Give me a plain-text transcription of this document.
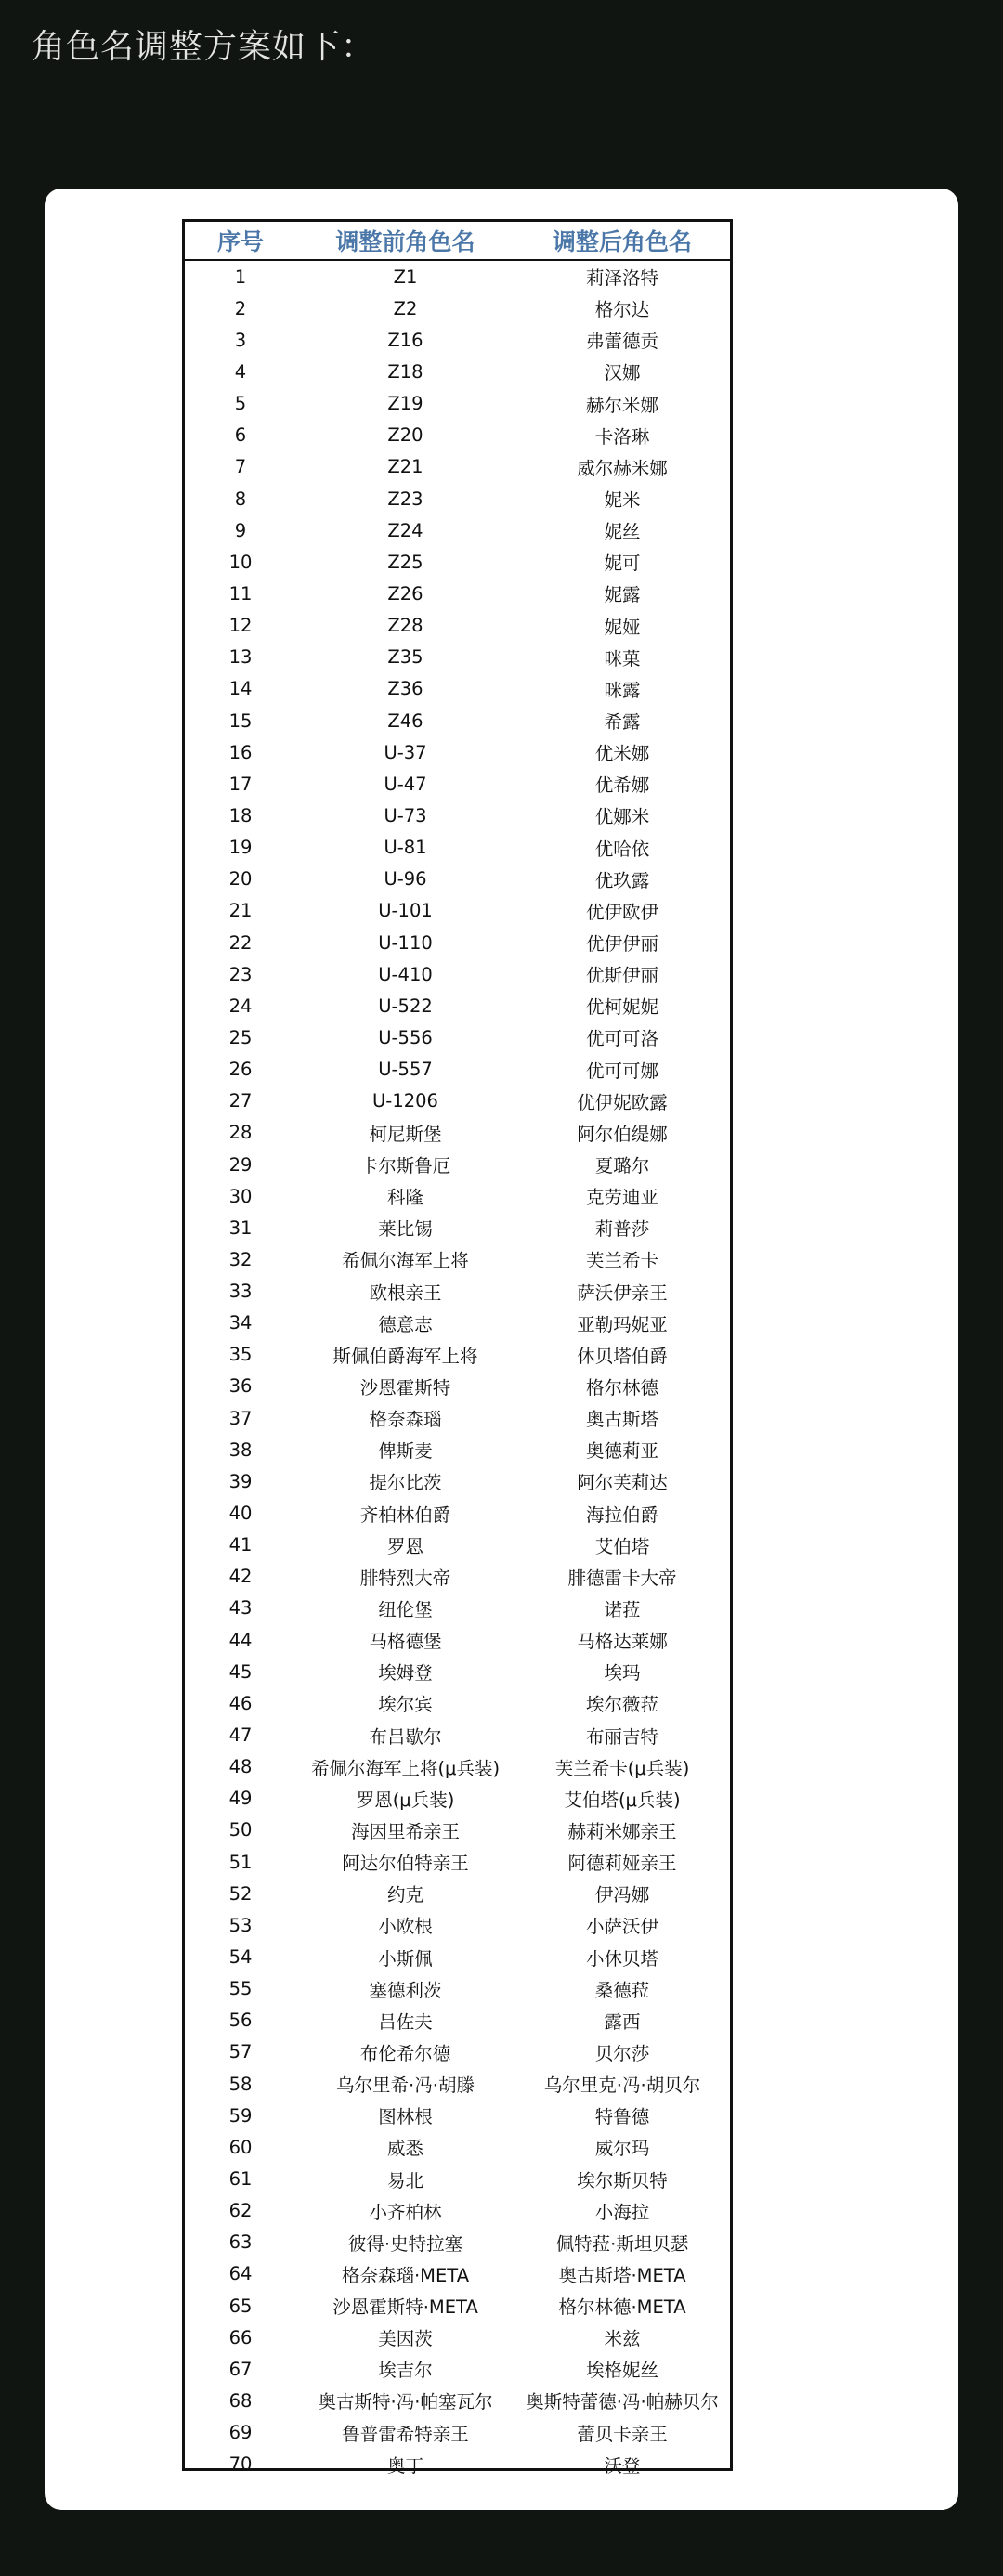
角色名调整方案如下：
序号	调整前角色名	调整后角色名
1	Z1	莉泽洛特
2	Z2	格尔达
3	Z16	弗蕾德贡
4	Z18	汉娜
5	Z19	赫尔米娜
6	Z20	卡洛琳
7	Z21	威尔赫米娜
8	Z23	妮米
9	Z24	妮丝
10	Z25	妮可
11	Z26	妮露
12	Z28	妮娅
13	Z35	咪菓
14	Z36	咪露
15	Z46	希露
16	U-37	优米娜
17	U-47	优希娜
18	U-73	优娜米
19	U-81	优哈依
20	U-96	优玖露
21	U-101	优伊欧伊
22	U-110	优伊伊丽
23	U-410	优斯伊丽
24	U-522	优柯妮妮
25	U-556	优可可洛
26	U-557	优可可娜
27	U-1206	优伊妮欧露
28	柯尼斯堡	阿尔伯缇娜
29	卡尔斯鲁厄	夏璐尔
30	科隆	克劳迪亚
31	莱比锡	莉普莎
32	希佩尔海军上将	芙兰希卡
33	欧根亲王	萨沃伊亲王
34	德意志	亚勒玛妮亚
35	斯佩伯爵海军上将	休贝塔伯爵
36	沙恩霍斯特	格尔林德
37	格奈森瑙	奥古斯塔
38	俾斯麦	奥德莉亚
39	提尔比茨	阿尔芙莉达
40	齐柏林伯爵	海拉伯爵
41	罗恩	艾伯塔
42	腓特烈大帝	腓德雷卡大帝
43	纽伦堡	诺菈
44	马格德堡	马格达莱娜
45	埃姆登	埃玛
46	埃尔宾	埃尔薇菈
47	布吕歇尔	布丽吉特
48	希佩尔海军上将(μ兵装)	芙兰希卡(μ兵装)
49	罗恩(μ兵装)	艾伯塔(μ兵装)
50	海因里希亲王	赫莉米娜亲王
51	阿达尔伯特亲王	阿德莉娅亲王
52	约克	伊冯娜
53	小欧根	小萨沃伊
54	小斯佩	小休贝塔
55	塞德利茨	桑德菈
56	吕佐夫	露西
57	布伦希尔德	贝尔莎
58	乌尔里希·冯·胡滕	乌尔里克·冯·胡贝尔
59	图林根	特鲁德
60	威悉	威尔玛
61	易北	埃尔斯贝特
62	小齐柏林	小海拉
63	彼得·史特拉塞	佩特菈·斯坦贝瑟
64	格奈森瑙·META	奥古斯塔·META
65	沙恩霍斯特·META	格尔林德·META
66	美因茨	米兹
67	埃吉尔	埃格妮丝
68	奥古斯特·冯·帕塞瓦尔	奥斯特蕾德·冯·帕赫贝尔
69	鲁普雷希特亲王	蕾贝卡亲王
70	奥丁	沃登
